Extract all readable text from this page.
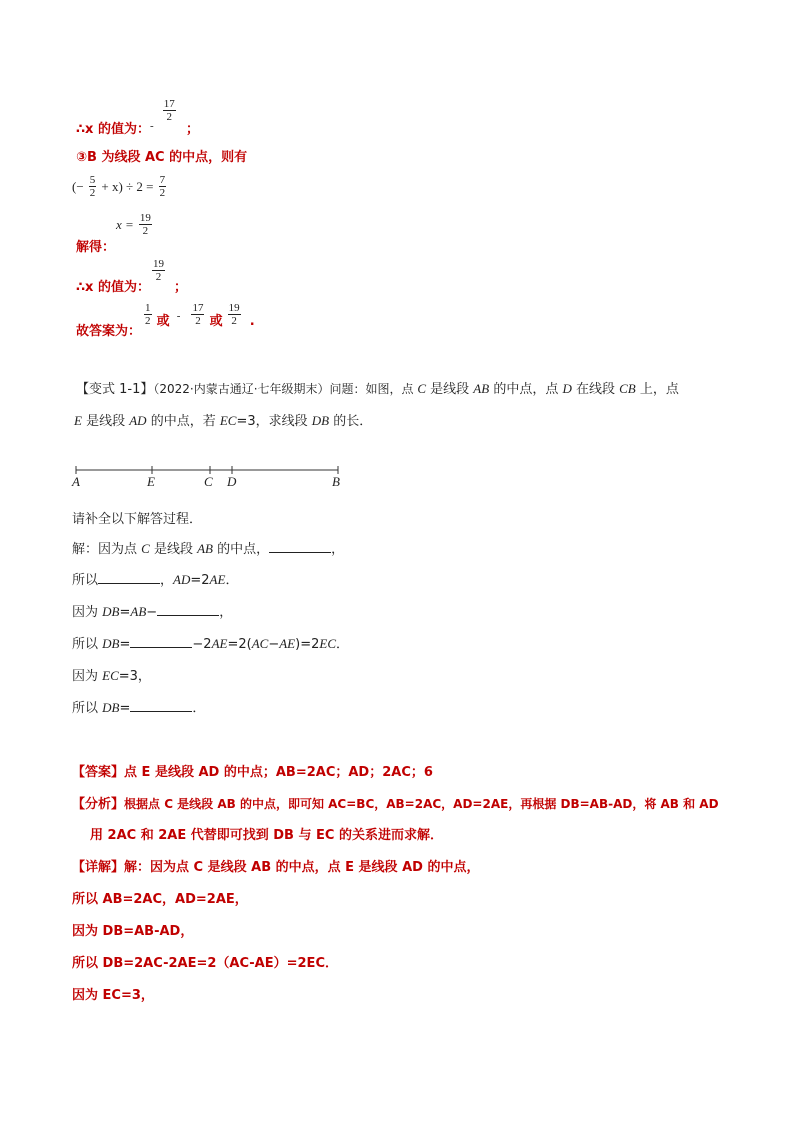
∴x 的值为： $_-$
$\frac{17}{2}$
；
③B 为线段 AC 的中点，则有
(− $\frac{5}{2} + x) \div 2 = \frac{7}{2}$
解得：
$x = \frac{19}{2}$
∴x 的值为：
$\frac{19}{2}$
；
故答案为：
$\frac{1}{2} _或 - \frac{17}{2} _或 \frac{19}{2} _.$
【变式 1-1】（2022·内蒙古通辽·七年级期末）问题：如图，点 C 是线段 AB 的中点，点 D 在线段 CB 上，点
E 是线段 AD 的中点，若 EC=3，求线段 DB 的长．
A	E	C D	B
请补全以下解答过程．
解：因为点 C 是线段 AB 的中点，	，
所以	，AD=2AE．
因为 DB=AB−	，
所以 DB=	−2AE=2(AC−AE)=2EC．
因为 EC=3，
所以 DB=	．
【答案】点 E 是线段 AD 的中点；AB=2AC；AD；2AC；6
【分析】根据点 C 是线段 AB 的中点，即可知 AC=BC，AB=2AC，AD=2AE，再根据 DB=AB-AD，将 AB 和 AD
用 2AC 和 2AE 代替即可找到 DB 与 EC 的关系进而求解．
【详解】解：因为点 C 是线段 AB 的中点，点 E 是线段 AD 的中点，
所以 AB=2AC，AD=2AE，
因为 DB=AB-AD，
所以 DB=2AC-2AE=2（AC-AE）=2EC．
因为 EC=3，
